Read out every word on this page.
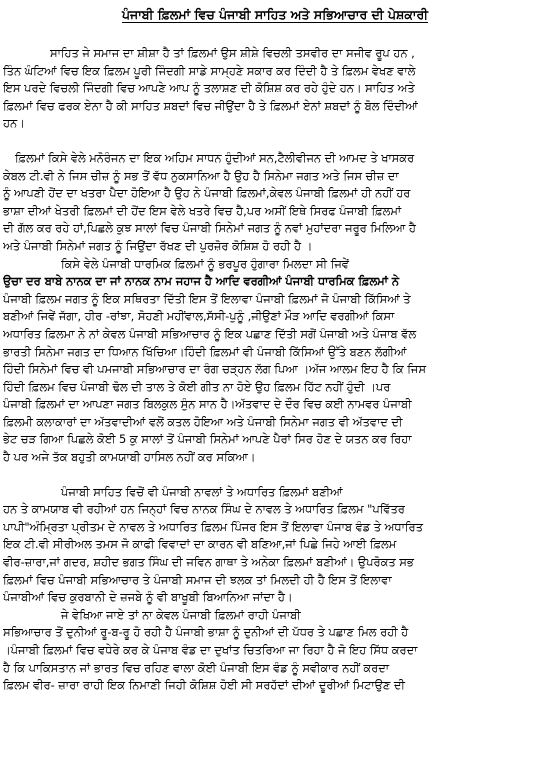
ਪੰਜਾਬੀ ਫ਼ਿਲਮਾਂ ਵਿਚ ਪੰਜਾਬੀ ਸਾਹਿਤ ਅਤੇ ਸਭਿਆਚਾਰ ਦੀ ਪੇਸ਼ਕਾਰੀ
ਸਾਹਿਤ ਜੇ ਸਮਾਜ ਦਾ ਸ਼ੀਸ਼ਾ ਹੈ ਤਾਂ ਫ਼ਿਲਮਾਂ ਉਸ ਸ਼ੀਸ਼ੇ ਵਿਚਲੀ ਤਸਵੀਰ ਦਾ ਸਜੀਵ ਰੂਪ ਹਨ ,
ਤਿੰਨ ਘੰਟਿਆਂ ਵਿਚ ਇਕ ਫ਼ਿਲਮ ਪੂਰੀ ਜਿੰਦਗੀ ਸਾਡੇ ਸਾਮ੍ਹਣੇ ਸਕਾਰ ਕਰ ਦਿੰਦੀ ਹੈ ਤੇ ਫ਼ਿਲਮ ਵੇਖਣ ਵਾਲੇ
ਇਸ ਪਰਦੇ ਵਿਚਲੀ ਜਿੰਦਗੀ ਵਿਚ ਆਪਣੇ ਆਪ ਨੂੰ ਤਲਾਸ਼ਣ ਦੀ ਕੋਸ਼ਿਸ਼ ਕਰ ਰਹੇ ਹੁੰਦੇ ਹਨ। ਸਾਹਿਤ ਅਤੇ
ਫ਼ਿਲਮਾਂ ਵਿਚ ਫਰਕ ਏਨਾ ਹੈ ਕੀ ਸਾਹਿਤ ਸ਼ਬਦਾਂ ਵਿਚ ਜੀਉਂਦਾ ਹੈ ਤੇ ਫ਼ਿਲਮਾਂ ਏਨਾਂ ਸ਼ਬਦਾਂ ਨੂੰ ਬੋਲ ਦਿੰਦੀਆਂ
ਹਨ।
ਫ਼ਿਲਮਾਂ ਕਿਸੇ ਵੇਲੇ ਮਨੋਰੰਜਨ ਦਾ ਇਕ ਅਹਿਮ ਸਾਧਨ ਹੁੰਦੀਆਂ ਸਨ,ਟੈਲੀਵੀਜਨ ਦੀ ਆਮਦ ਤੇ ਖਾਸਕਰ
ਕੇਬਲ ਟੀ.ਵੀ ਨੇ ਜਿਸ ਚੀਜ਼ ਨੂੰ ਸਭ ਤੋਂ ਵੱਧ ਨੁਕਸਾਨਿਆ ਹੈ ਉਹ ਹੈ ਸਿਨੇਮਾ ਜਗਤ ਅਤੇ ਜਿਸ ਚੀਜ਼ ਦਾ
ਨੂੰ ਆਪਣੀ ਹੋਂਦ ਦਾ ਖਤਰਾ ਪੈਦਾ ਹੋਇਆ ਹੈ ਉਹ ਨੇ ਪੰਜਾਬੀ ਫ਼ਿਲਮਾਂ,ਕੇਵਲ ਪੰਜਾਬੀ ਫ਼ਿਲਮਾਂ ਹੀ ਨਹੀਂ ਹਰ
ਭਾਸ਼ਾ ਦੀਆਂ ਖੇਤਰੀ ਫ਼ਿਲਮਾਂ ਦੀ ਹੋਂਦ ਇਸ ਵੇਲੇ ਖਤਰੇ ਵਿਚ ਹੈ,ਪਰ ਅਸੀਂ ਇਥੇ ਸਿਰਫ ਪੰਜਾਬੀ ਫ਼ਿਲਮਾਂ
ਦੀ ਗੱਲ ਕਰ ਰਹੇ ਹਾਂ,ਪਿਛਲੇ ਕੁਝ ਸਾਲਾਂ ਵਿਚ ਪੰਜਾਬੀ ਸਿਨੇਮਾਂ ਜਗਤ ਨੂੰ ਨਵਾਂ ਮੁਹਾਂਦਰਾ ਜਰੂਰ ਮਿਲਿਆ ਹੈ
ਅਤੇ ਪੰਜਾਬੀ ਸਿਨੇਮਾਂ ਜਗਤ ਨੂੰ ਜਿਉਂਦਾ ਰੱਖਣ ਦੀ ਪੁਰਜ਼ੋਰ ਕੋਸ਼ਿਸ਼ ਹੋ ਰਹੀ ਹੈ ।
ਕਿਸੇ ਵੇਲੇ ਪੰਜਾਬੀ ਧਾਰਮਿਕ ਫ਼ਿਲਮਾਂ ਨੂੰ ਭਰਪੂਰ ਹੁੰਗਾਰਾ ਮਿਲਦਾ ਸੀ ਜਿਵੇਂ
ਉਚਾ ਦਰ ਬਾਬੇ ਨਾਨਕ ਦਾ ਜਾਂ ਨਾਨਕ ਨਾਮ ਜਹਾਜ ਹੈ ਆਦਿ ਵਰਗੀਆਂ ਪੰਜਾਬੀ ਧਾਰਮਿਕ ਫ਼ਿਲਮਾਂ ਨੇ
ਪੰਜਾਬੀ ਫ਼ਿਲਮ ਜਗਤ ਨੂੰ ਇਕ ਸਥਿਰਤਾ ਦਿੱਤੀ ਇਸ ਤੋਂ ਇਲਾਵਾ ਪੰਜਾਬੀ ਫ਼ਿਲਮਾਂ ਜੋ ਪੰਜਾਬੀ ਕਿੱਸਿਆਂ ਤੇ
ਬਣੀਆਂ ਜਿਵੇਂ ਜੱਗਾ, ਹੀਰ -ਰਾਂਝਾ, ਸੋਹਣੀ ਮਹੀਂਵਾਲ,ਸੱਸੀ-ਪੁਨੂੰ ,ਜੀਉਣਾਂ ਮੌੜ ਆਦਿ ਵਰਗੀਆਂ ਕਿਸਾ
ਅਧਾਰਿਤ ਫ਼ਿਲਮਾ ਨੇ ਨਾਂ ਕੇਵਲ ਪੰਜਾਬੀ ਸਭਿਆਚਾਰ ਨੂੰ ਇਕ ਪਛਾਣ ਦਿੱਤੀ ਸਗੋਂ ਪੰਜਾਬੀ ਅਤੇ ਪੰਜਾਬ ਵੱਲ
ਭਾਰਤੀ ਸਿਨੇਮਾ ਜਗਤ ਦਾ ਧਿਆਨ ਖਿੱਚਿਆ।ਹਿੰਦੀ ਫ਼ਿਲਮਾਂ ਵੀ ਪੰਜਾਬੀ ਕਿੱਸਿਆਂ ਉੱਤੇ ਬਣਨ ਲੱਗੀਆਂ
ਹਿੰਦੀ ਸਿਨੇਮਾਂ ਵਿਚ ਵੀ ਪਮਜਾਬੀ ਸਭਿਆਚਾਰ ਦਾ ਰੰਗ ਚੜ੍ਹਨ ਲੱਗ ਪਿਆ ।ਅੱਜ ਆਲਮ ਇਹ ਹੈ ਕਿ ਜਿਸ
ਹਿੰਦੀ ਫ਼ਿਲਮ ਵਿਚ ਪੰਜਾਬੀ ਢੋਲ ਦੀ ਤਾਲ ਤੇ ਕੋਈ ਗੀਤ ਨਾ ਹੋਏ ਉਹ ਫ਼ਿਲਮ ਹਿੱਟ ਨਹੀਂ ਹੁੰਦੀ ।ਪਰ
ਪੰਜਾਬੀ ਫ਼ਿਲਮਾਂ ਦਾ ਆਪਣਾ ਜਗਤ ਬਿਲਕੁਲ ਸੁੰਨ ਸਾਨ ਹੈ।ਅੱਤਵਾਦ ਦੇ ਦੌਰ ਵਿਚ ਕਈ ਨਾਮਵਰ ਪੰਜਾਬੀ
ਫ਼ਿਲਮੀ ਕਲਾਕਾਰਾਂ ਦਾ ਅੱਤਵਾਦੀਆਂ ਵਲੋਂ ਕਤਲ ਹੋਇਆ ਅਤੇ ਪੰਜਾਬੀ ਸਿਨੇਮਾ ਜਗਤ ਵੀ ਅੱਤਵਾਦ ਦੀ
ਭੇਟ ਚੜ ਗਿਆ ਪਿਛਲੇ ਕੋਈ 5 ਕੁ ਸਾਲਾਂ ਤੋਂ ਪੰਜਾਬੀ ਸਿਨੇਮਾਂ ਆਪਣੇ ਪੈਰਾਂ ਸਿਰ ਹੋਣ ਦੇ ਯਤਨ ਕਰ ਰਿਹਾ
ਹੈ ਪਰ ਅਜੇ ਤੱਕ ਬਹੁਤੀ ਕਾਮਯਾਬੀ ਹਾਸਿਲ ਨਹੀਂ ਕਰ ਸਕਿਆ।
ਪੰਜਾਬੀ ਸਾਹਿਤ ਵਿਚੋਂ ਵੀ ਪੰਜਾਬੀ ਨਾਵਲਾਂ ਤੇ ਅਧਾਰਿਤ ਫ਼ਿਲਮਾਂ ਬਣੀਆਂ
ਹਨ ਤੇ ਕਾਮਯਾਬ ਵੀ ਰਹੀਆਂ ਹਨ ਜਿਨ੍ਹਾਂ ਵਿਚ ਨਾਨਕ ਸਿੰਘ ਦੇ ਨਾਵਲ ਤੇ ਅਧਾਰਿਤ ਫ਼ਿਲਮ "ਪਵਿੱਤਰ
ਪਾਪੀ"ਅੰਮ੍ਰਿਤਾ ਪ੍ਰੀਤਮ ਦੇ ਨਾਵਲ ਤੇ ਅਧਾਰਿਤ ਫ਼ਿਲਮ ਪਿੰਜਰ ਇਸ ਤੋਂ ਇਲਾਵਾ ਪੰਜਾਬ ਵੰਡ ਤੇ ਅਧਾਰਿਤ
ਇਕ ਟੀ.ਵੀ ਸੀਰੀਅਲ ਤਮਸ ਜੋ ਕਾਫੀ ਵਿਵਾਦਾਂ ਦਾ ਕਾਰਨ ਵੀ ਬਣਿਆ,ਜਾਂ ਪਿਛੇ ਜਿਹੇ ਆਈ ਫ਼ਿਲਮ
ਵੀਰ-ਜ਼ਾਰਾ,ਜਾਂ ਗਦਰ, ਸ਼ਹੀਦ ਭਗਤ ਸਿੰਘ ਦੀ ਜਵਿਨ ਗਾਥਾ ਤੇ ਅਨੇਕਾ ਫ਼ਿਲਮਾਂ ਬਣੀਆਂ। ਉਪਰੋਕਤ ਸਭ
ਫ਼ਿਲਮਾਂ ਵਿਚ ਪੰਜਾਬੀ ਸਭਿਆਚਾਰ ਤੇ ਪੰਜਾਬੀ ਸਮਾਜ ਦੀ ਝਲਕ ਤਾਂ ਮਿਲਦੀ ਹੀ ਹੈ ਇਸ ਤੋਂ ਇਲਾਵਾ
ਪੰਜਾਬੀਆਂ ਵਿਚ ਕੁਰਬਾਨੀ ਦੇ ਜ਼ਜਬੇ ਨੂੰ ਵੀ ਬਾਖੂਬੀ ਬਿਆਨਿਆ ਜਾਂਦਾ ਹੈ।
ਜੇ ਵੇਖਿਆ ਜਾਏ ਤਾਂ ਨਾ ਕੇਵਲ ਪੰਜਾਬੀ ਫ਼ਿਲਮਾਂ ਰਾਹੀ ਪੰਜਾਬੀ
ਸਭਿਆਚਾਰ ਤੋਂ ਦੁਨੀਆਂ ਰੂ-ਬ-ਰੂ ਹੋ ਰਹੀ ਹੈ ਪੰਜਾਬੀ ਭਾਸ਼ਾ ਨੂੰ ਦੁਨੀਆਂ ਦੀ ਪੱਧਰ ਤੇ ਪਛਾਣ ਮਿਲ ਰਹੀ ਹੈ
।ਪੰਜਾਬੀ ਫ਼ਿਲਮਾਂ ਵਿਚ ਵਧੇਰੇ ਕਰ ਕੇ ਪੰਜਾਬ ਵੰਡ ਦਾ ਦੁਖਾਂਤ ਚਿਤਰਿਆ ਜਾ ਰਿਹਾ ਹੈ ਜੋ ਇਹ ਸਿੱਧ ਕਰਦਾ
ਹੈ ਕਿ ਪਾਕਿਸਤਾਨ ਜਾਂ ਭਾਰਤ ਵਿਚ ਰਹਿਣ ਵਾਲਾ ਕੋਈ ਪੰਜਾਬੀ ਇਸ ਵੰਡ ਨੂੰ ਸਵੀਕਾਰ ਨਹੀਂ ਕਰਦਾ
ਫ਼ਿਲਮ ਵੀਰ- ਜ਼ਾਰਾ ਰਾਹੀ ਇਕ ਨਿਮਾਣੀ ਜਿਹੀ ਕੋਸ਼ਿਸ਼ ਹੋਈ ਸੀ ਸਰਹੱਦਾਂ ਦੀਆਂ ਦੂਰੀਆਂ ਮਿਟਾਉਣ ਦੀ
